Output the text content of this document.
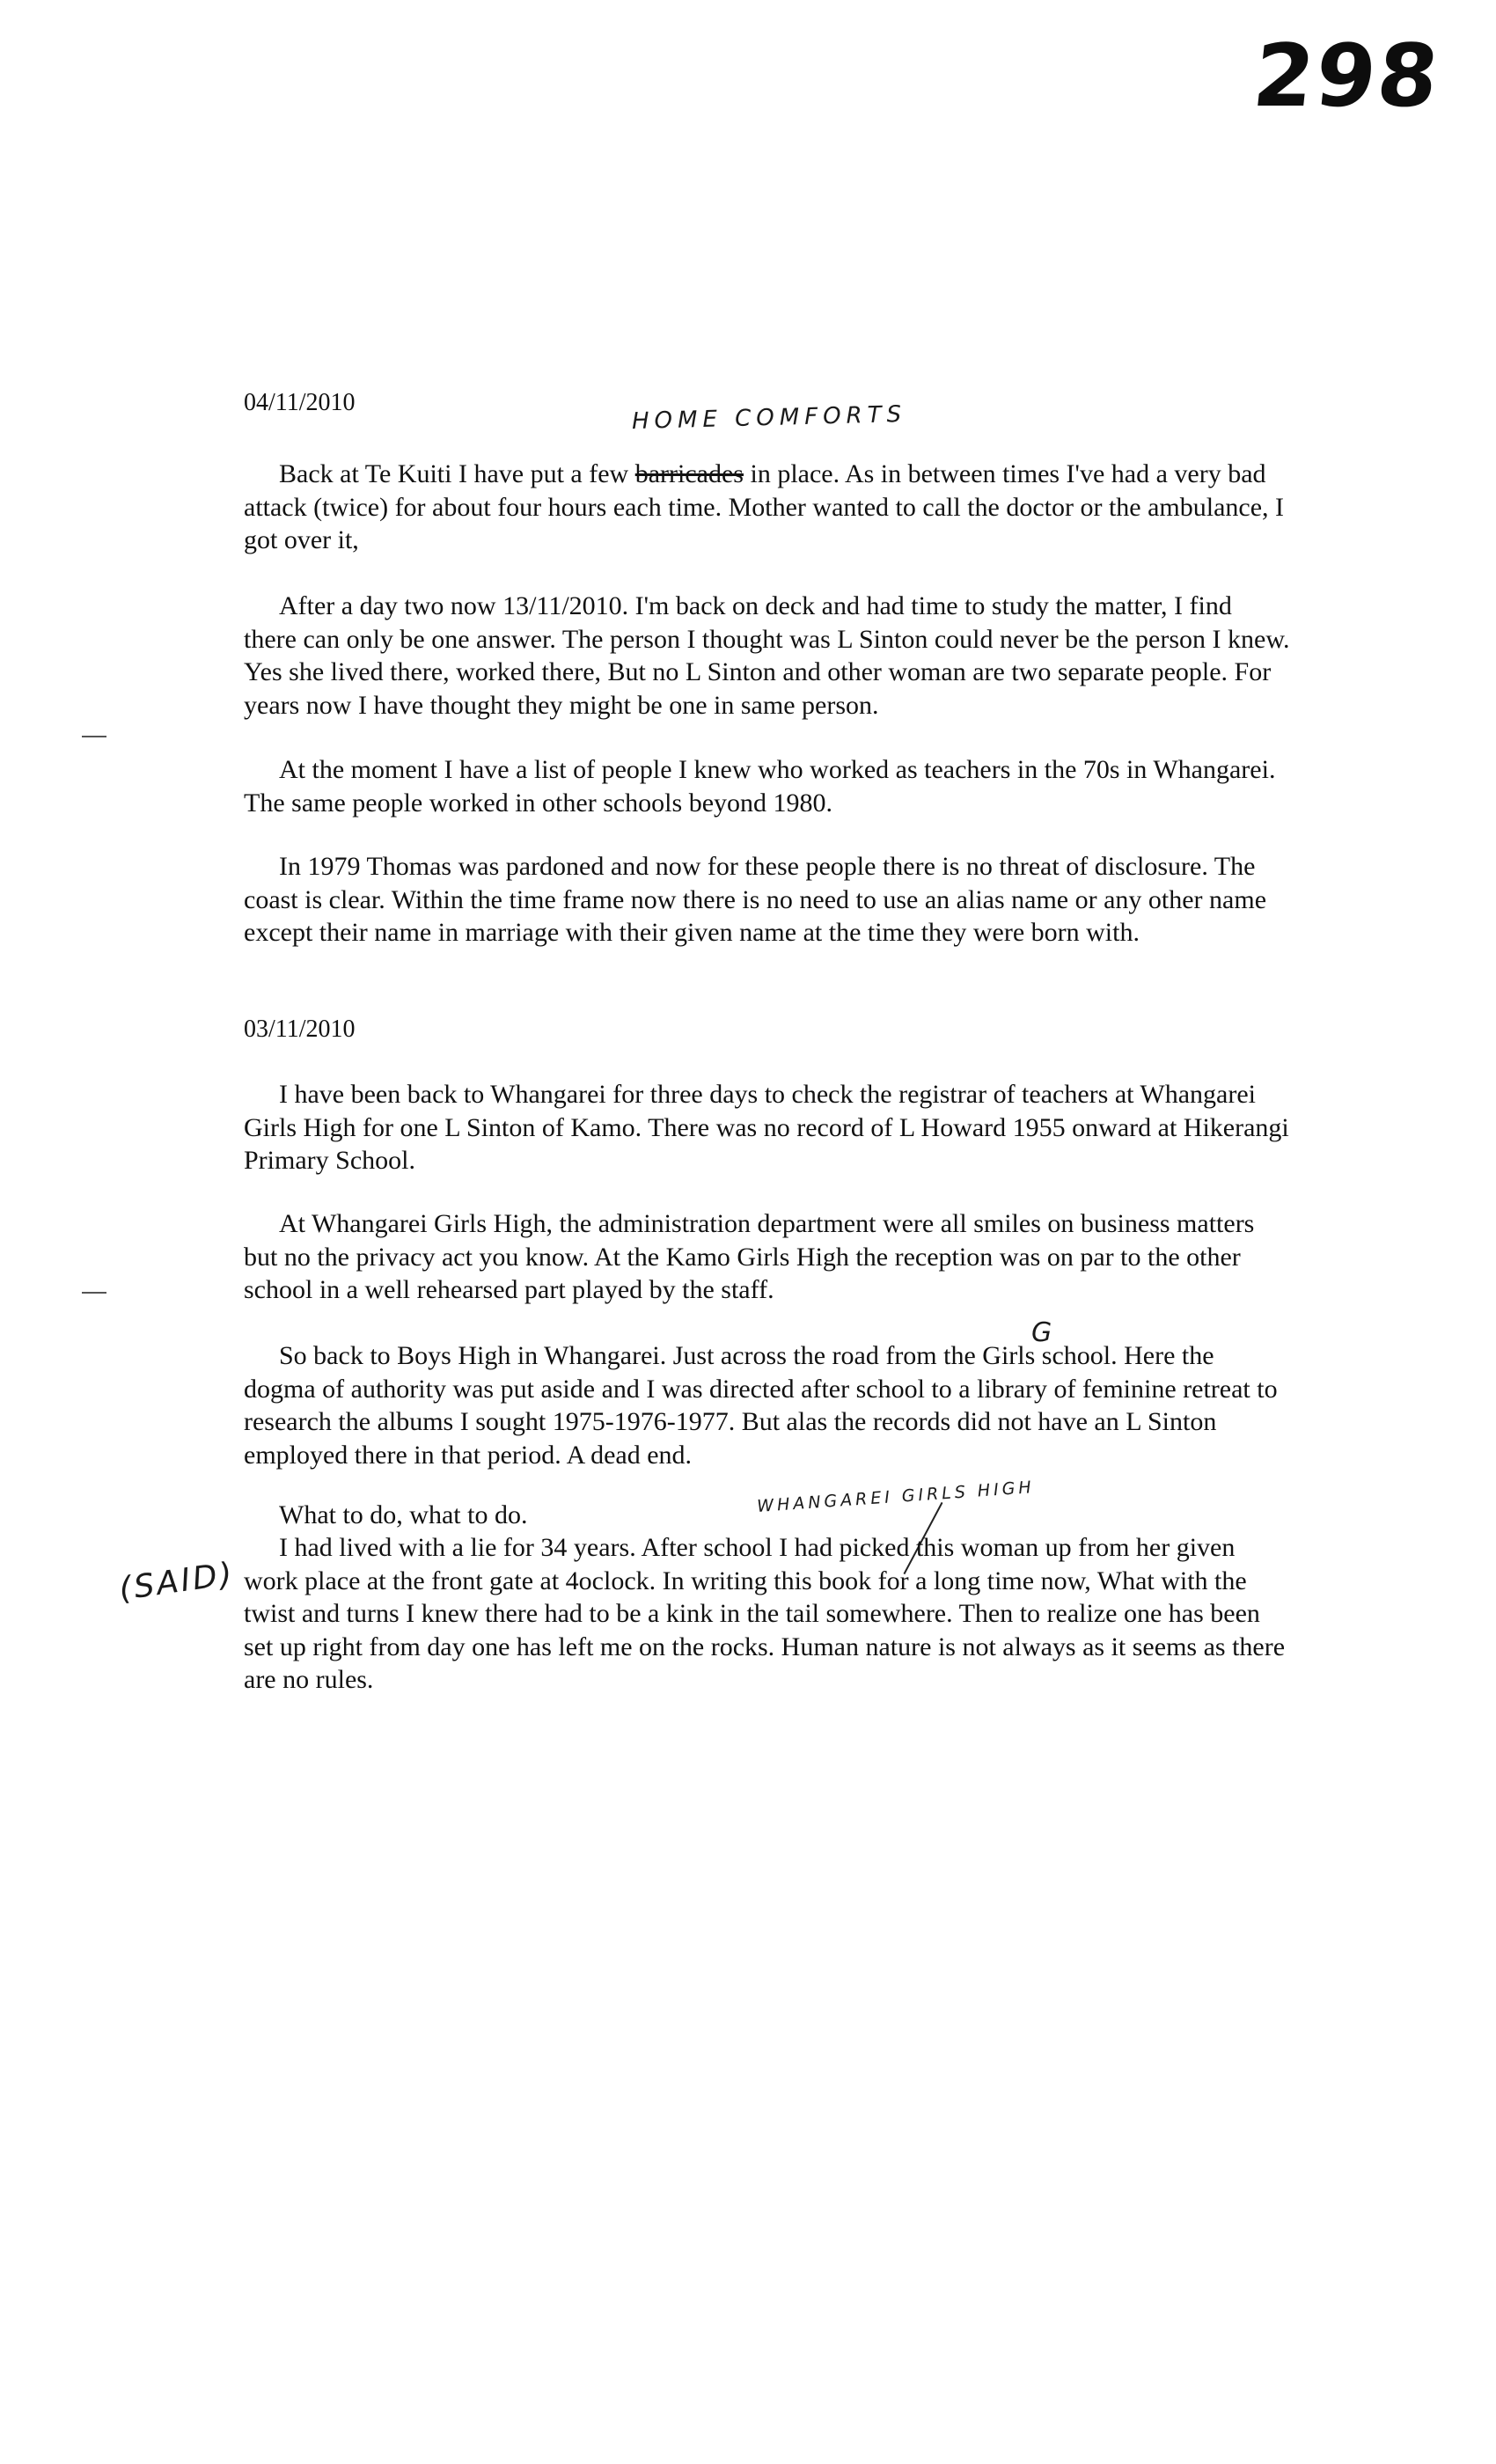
298
HOME COMFORTS
04/11/2010

Back at Te Kuiti I have put a few barricades in place. As in between times I've had a very bad attack (twice) for about four hours each time. Mother wanted to call the doctor or the ambulance, I got over it,

After a day two now 13/11/2010. I'm back on deck and had time to study the matter, I find there can only be one answer. The person I thought was L Sinton could never be the person I knew. Yes she lived there, worked there, But no L Sinton and other woman are two separate people. For years now I have thought they might be one in same person.

At the moment I have a list of people I knew who worked as teachers in the 70s in Whangarei. The same people worked in other schools beyond 1980.

In 1979 Thomas was pardoned and now for these people there is no threat of disclosure. The coast is clear. Within the time frame now there is no need to use an alias name or any other name except their name in marriage with their given name at the time they were born with.

03/11/2010

I have been back to Whangarei for three days to check the registrar of teachers at Whangarei Girls High for one L Sinton of Kamo. There was no record of L Howard 1955 onward at Hikerangi Primary School.

At Whangarei Girls High, the administration department were all smiles on business matters but no the privacy act you know. At the Kamo Girls High the reception was on par to the other school in a well rehearsed part played by the staff.

G

So back to Boys High in Whangarei. Just across the road from the Girls school. Here the dogma of authority was put aside and I was directed after school to a library of feminine retreat to research the albums I sought 1975-1976-1977. But alas the records did not have an L Sinton employed there in that period. A dead end.

WHANGAREI GIRLS HIGH

What to do, what to do.

(SAID)

I had lived with a lie for 34 years. After school I had picked this woman up from her given work place at the front gate at 4oclock. In writing this book for a long time now, What with the twist and turns I knew there had to be a kink in the tail somewhere. Then to realize one has been set up right from day one has left me on the rocks. Human nature is not always as it seems as there are no rules.
